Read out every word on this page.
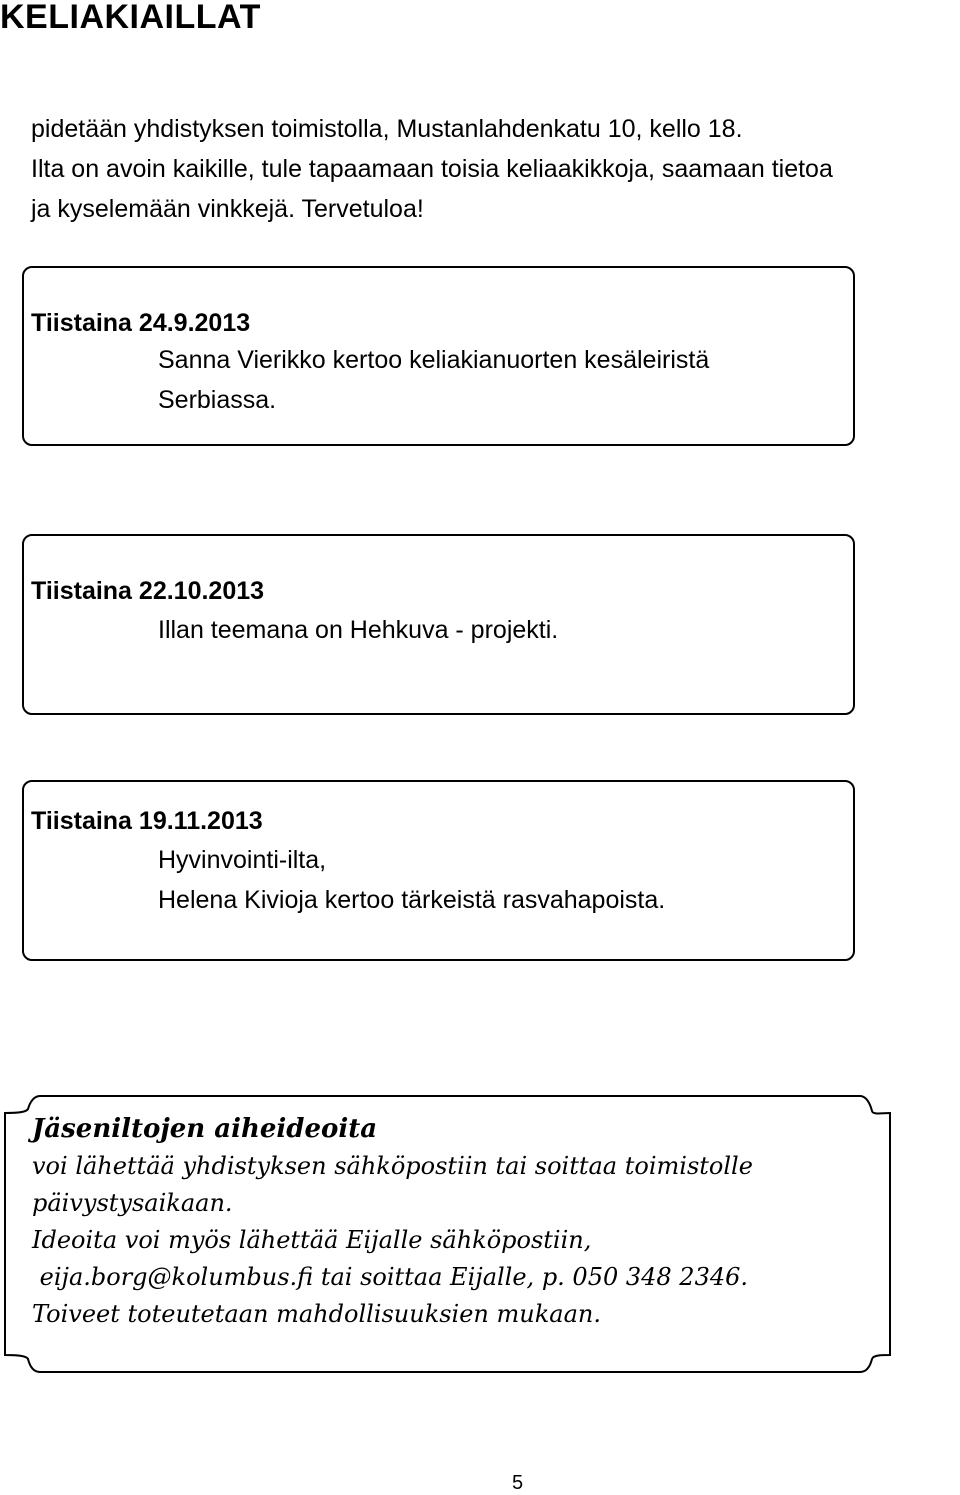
KELIAKIAILLAT
pidetään yhdistyksen toimistolla, Mustanlahdenkatu 10, kello 18.
Ilta on avoin kaikille, tule tapaamaan toisia keliaakikkoja, saamaan tietoa
ja kyselemään vinkkejä. Tervetuloa!
Tiistaina 24.9.2013
Sanna Vierikko kertoo keliakianuorten kesäleiristä
Serbiassa.
Tiistaina 22.10.2013
Illan teemana on Hehkuva - projekti.
Tiistaina 19.11.2013
Hyvinvointi-ilta,
Helena Kivioja kertoo tärkeistä rasvahapoista.
Jäseniltojen aiheideoita
voi lähettää yhdistyksen sähköpostiin tai soittaa toimistolle
päivystysaikaan.
Ideoita voi myös lähettää Eijalle sähköpostiin,
eija.borg@kolumbus.fi tai soittaa Eijalle, p. 050 348 2346.
Toiveet toteutetaan mahdollisuuksien mukaan.
5
